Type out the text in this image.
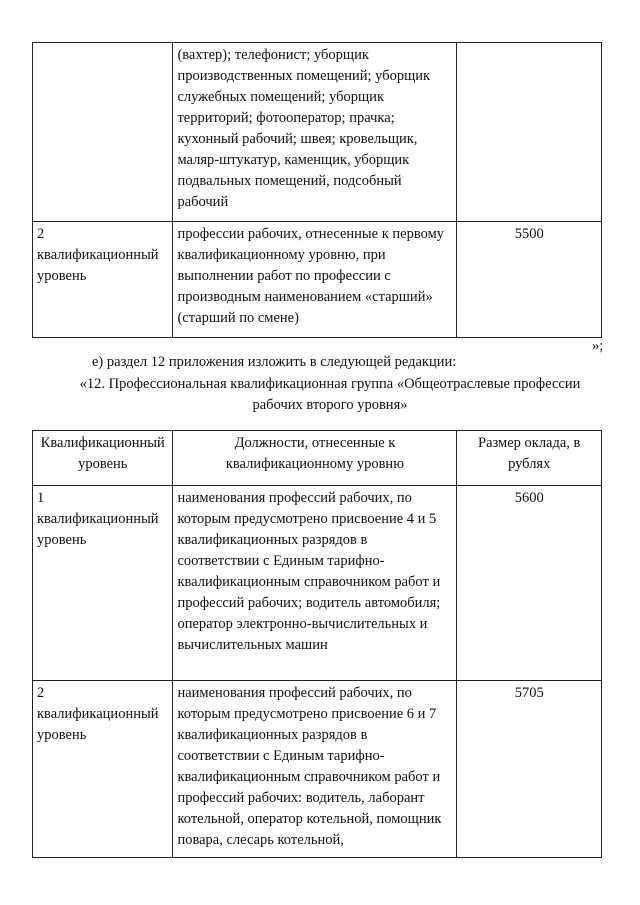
	(вахтер); телефонист; уборщик производственных помещений; уборщик служебных помещений; уборщик территорий; фотооператор; прачка; кухонный рабочий; швея; кровельщик, маляр-штукатур, каменщик, уборщик подвальных помещений, подсобный рабочий	
2 квалификационный уровень	профессии рабочих, отнесенные к первому квалификационному уровню, при выполнении работ по профессии с производным наименованием «старший» (старший по смене)	5500
»;
е) раздел 12 приложения изложить в следующей редакции:
«12. Профессиональная квалификационная группа «Общеотраслевые профессии рабочих второго уровня»
Квалификационный уровень	Должности, отнесенные к квалификационному уровню	Размер оклада, в рублях
1 квалификационный уровень	наименования профессий рабочих, по которым предусмотрено присвоение 4 и 5 квалификационных разрядов в соответствии с Единым тарифно-квалификационным справочником работ и профессий рабочих; водитель автомобиля; оператор электронно-вычислительных и вычислительных машин	5600
2 квалификационный уровень	наименования профессий рабочих, по которым предусмотрено присвоение 6 и 7 квалификационных разрядов в соответствии с Единым тарифно-квалификационным справочником работ и профессий рабочих: водитель, лаборант котельной, оператор котельной, помощник повара, слесарь котельной,	5705
